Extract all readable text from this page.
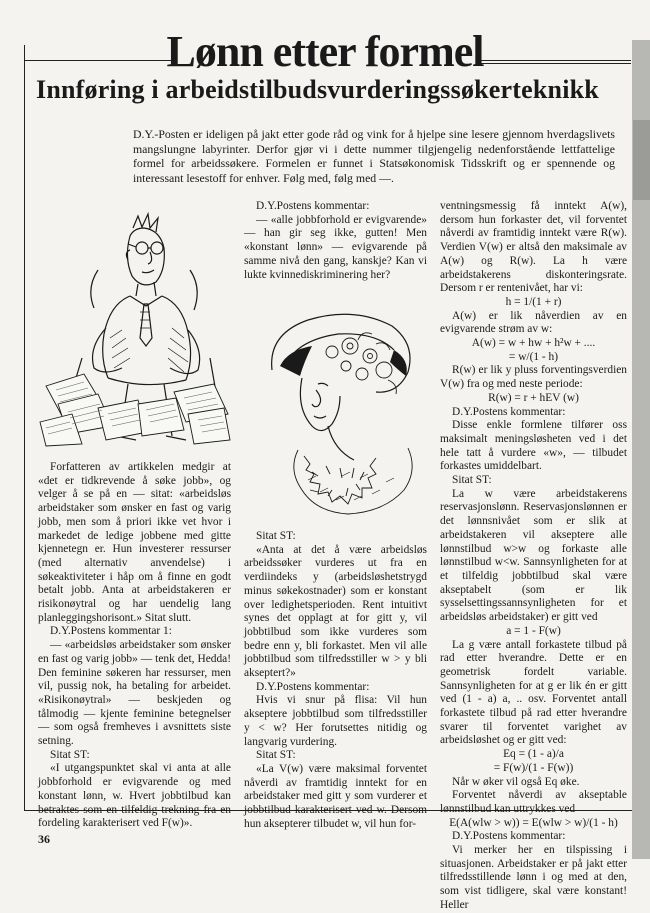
Lønn etter formel
Innføring i arbeidstilbudsvurderingssøkerteknikk
D.Y.-Posten er ideligen på jakt etter gode råd og vink for å hjelpe sine lesere gjennom hverdagslivets mangslungne labyrinter. Derfor gjør vi i dette nummer tilgjengelig nedenforstående lettfattelige formel for arbeidssøkere. Formelen er funnet i Statsøkonomisk Tidsskrift og er spennende og interessant lesestoff for enhver. Følg med, følg med —.

Forfatteren av artikkelen medgir at «det er tidkrevende å søke jobb», og velger å se på en — sitat: «arbeidsløs arbeidstaker som ønsker en fast og varig jobb, men som å priori ikke vet hvor i markedet de ledige jobbene med gitte kjennetegn er. Hun investerer ressurser (med alternativ anvendelse) i søkeaktiviteter i håp om å finne en godt betalt jobb. Anta at arbeidstakeren er risikonøytral og har uendelig lang planleggingshorisont.» Sitat slutt.

D.Y.Postens kommentar 1:

— «arbeidsløs arbeidstaker som ønsker en fast og varig jobb» — tenk det, Hedda! Den feminine søkeren har ressurser, men vil, pussig nok, ha betaling for arbeidet. «Risikonøytral» — beskjeden og tålmodig — kjente feminine betegnelser — som også fremheves i avsnittets siste setning.

Sitat ST:

«I utgangspunktet skal vi anta at alle jobbforhold er evigvarende og med konstant lønn, w. Hvert jobbtilbud kan betraktes som en tilfeldig trekning fra en fordeling karakterisert ved F(w)».

D.Y.Postens kommentar:

— «alle jobbforhold er evigvarende» — han gir seg ikke, gutten! Men «konstant lønn» — evigvarende på samme nivå den gang, kanskje? Kan vi lukte kvinnediskriminering her?

Sitat ST:

«Anta at det å være arbeidsløs arbeidssøker vurderes ut fra en verdiindeks y (arbeidsløshetstrygd minus søkekostnader) som er konstant over ledighetsperioden. Rent intuitivt synes det opplagt at for gitt y, vil jobbtilbud som ikke vurderes som bedre enn y, bli forkastet. Men vil alle jobbtilbud som tilfredsstiller w > y bli akseptert?»

D.Y.Postens kommentar:

Hvis vi snur på flisa: Vil hun akseptere jobbtilbud som tilfredsstiller y < w? Her forutsettes nitidig og langvarig vurdering.

Sitat ST:

«La V(w) være maksimal forventet nåverdi av framtidig inntekt for en arbeidstaker med gitt y som vurderer et jobbtilbud karakterisert ved w. Dersom hun aksepterer tilbudet w, vil hun for-

ventningsmessig få inntekt A(w), dersom hun forkaster det, vil forventet nåverdi av framtidig inntekt være R(w). Verdien V(w) er altså den maksimale av A(w) og R(w). La h være arbeidstakerens diskonteringsrate. Dersom r er rentenivået, har vi:

h = 1/(1 + r)

A(w) er lik nåverdien av en evigvarende strøm av w:

A(w) = w + hw + h²w + ....

= w/(1 - h)

R(w) er lik y pluss forventingsverdien V(w) fra og med neste periode:

R(w) = r + hEV (w)

D.Y.Postens kommentar:

Disse enkle formlene tilfører oss maksimalt meningsløsheten ved i det hele tatt å vurdere «w», — tilbudet forkastes umiddelbart.

Sitat ST:

La w være arbeidstakerens reservasjonslønn. Reservasjonslønnen er det lønnsnivået som er slik at arbeidstakeren vil akseptere alle lønnstilbud w>w og forkaste alle lønnstilbud w<w. Sannsynligheten for at et tilfeldig jobbtilbud skal være akseptabelt (som er lik sysselsettingssannsynligheten for et arbeidsløs arbeidstaker) er gitt ved

a = 1 - F(w)

La g være antall forkastete tilbud på rad etter hverandre. Dette er en geometrisk fordelt variable. Sannsynligheten for at g er lik én er gitt ved (1 - a) a, .. osv. Forventet antall forkastete tilbud på rad etter hverandre svarer til forventet varighet av arbeidsløshet og er gitt ved:

Eq = (1 - a)/a

= F(w)/(1 - F(w))

Når w øker vil også Eq øke.

Forventet nåverdi av akseptable lønnstilbud kan uttrykkes ved

E(A(wlw > w)) = E(wlw > w)/(1 - h)

D.Y.Postens kommentar:

Vi merker her en tilspissing i situasjonen. Arbeidstaker er på jakt etter tilfredsstillende lønn i og med at den, som vist tidligere, skal være konstant! Heller

36
